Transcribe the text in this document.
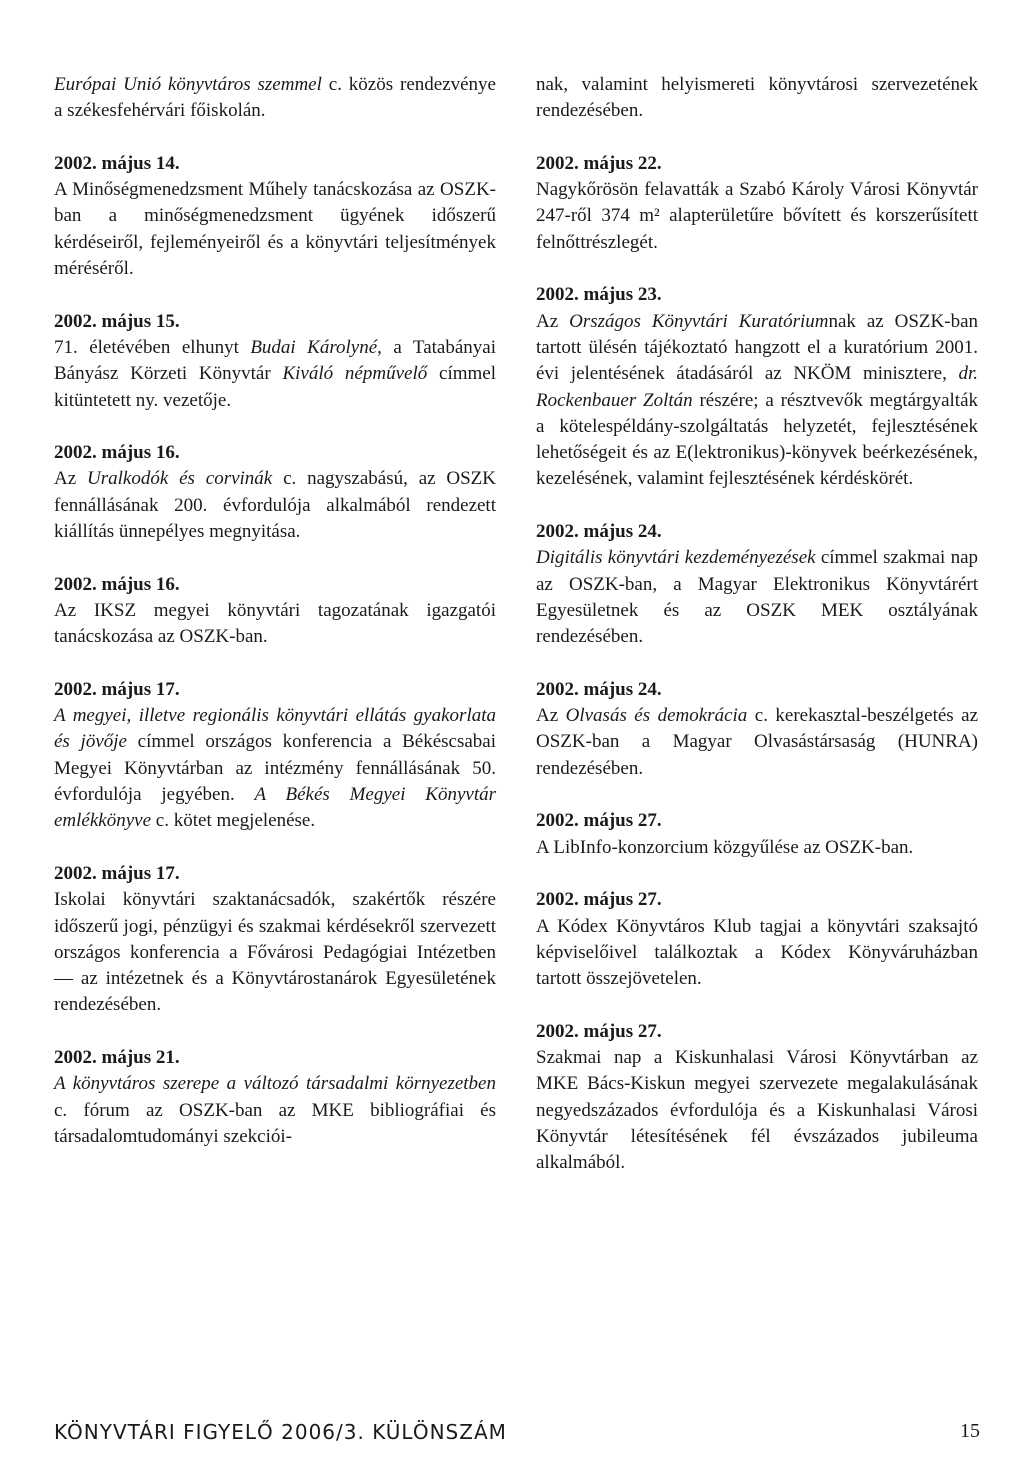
Európai Unió könyvtáros szemmel c. közös rendezvénye a székesfehérvári főiskolán.
2002. május 14.
A Minőségmenedzsment Műhely tanácskozása az OSZK-ban a minőségmenedzsment ügyének időszerű kérdéseiről, fejleményeiről és a könyvtári teljesítmények méréséről.
2002. május 15.
71. életévében elhunyt Budai Károlyné, a Tatabányai Bányász Körzeti Könyvtár Kiváló népművelő címmel kitüntetett ny. vezetője.
2002. május 16.
Az Uralkodók és corvinák c. nagyszabású, az OSZK fennállásának 200. évfordulója alkalmából rendezett kiállítás ünnepélyes megnyitása.
2002. május 16.
Az IKSZ megyei könyvtári tagozatának igazgatói tanácskozása az OSZK-ban.
2002. május 17.
A megyei, illetve regionális könyvtári ellátás gyakorlata és jövője címmel országos konferencia a Békéscsabai Megyei Könyvtárban az intézmény fennállásának 50. évfordulója jegyében. A Békés Megyei Könyvtár emlékkönyve c. kötet megjelenése.
2002. május 17.
Iskolai könyvtári szaktanácsadók, szakértők részére időszerű jogi, pénzügyi és szakmai kérdésekről szervezett országos konferencia a Fővárosi Pedagógiai Intézetben — az intézetnek és a Könyvtárostanárok Egyesületének rendezésében.
2002. május 21.
A könyvtáros szerepe a változó társadalmi környezetben c. fórum az OSZK-ban az MKE bibliográfiai és társadalomtudományi szekciói-
nak, valamint helyismereti könyvtárosi szervezetének rendezésében.
2002. május 22.
Nagykőrösön felavatták a Szabó Károly Városi Könyvtár 247-ről 374 m² alapterületűre bővített és korszerűsített felnőttrészlegét.
2002. május 23.
Az Országos Könyvtári Kuratóriumnak az OSZK-ban tartott ülésén tájékoztató hangzott el a kuratórium 2001. évi jelentésének átadásáról az NKÖM minisztere, dr. Rockenbauer Zoltán részére; a résztvevők megtárgyalták a kötelespéldány-szolgáltatás helyzetét, fejlesztésének lehetőségeit és az E(lektronikus)-könyvek beérkezésének, kezelésének, valamint fejlesztésének kérdéskörét.
2002. május 24.
Digitális könyvtári kezdeményezések címmel szakmai nap az OSZK-ban, a Magyar Elektronikus Könyvtárért Egyesületnek és az OSZK MEK osztályának rendezésében.
2002. május 24.
Az Olvasás és demokrácia c. kerekasztal-beszélgetés az OSZK-ban a Magyar Olvasástársaság (HUNRA) rendezésében.
2002. május 27.
A LibInfo-konzorcium közgyűlése az OSZK-ban.
2002. május 27.
A Kódex Könyvtáros Klub tagjai a könyvtári szaksajtó képviselőivel találkoztak a Kódex Könyváruházban tartott összejövetelen.
2002. május 27.
Szakmai nap a Kiskunhalasi Városi Könyvtárban az MKE Bács-Kiskun megyei szervezete megalakulásának negyedszázados évfordulója és a Kiskunhalasi Városi Könyvtár létesítésének fél évszázados jubileuma alkalmából.
KÖNYVTÁRI FIGYELŐ 2006/3. KÜLÖNSZÁM	15
